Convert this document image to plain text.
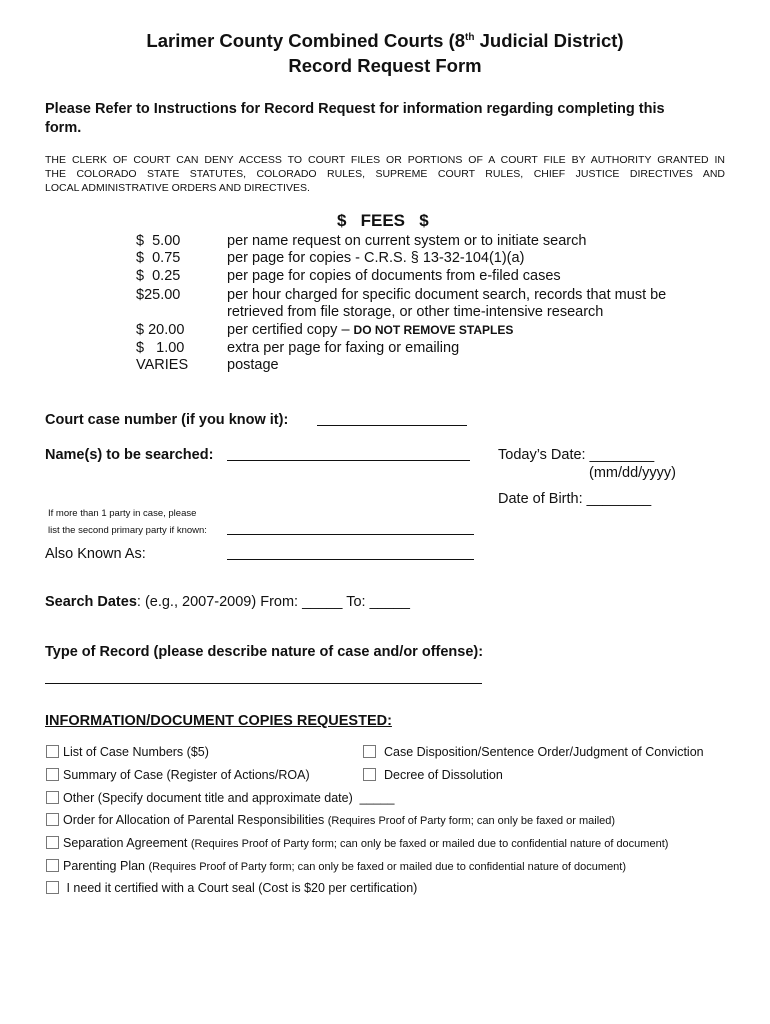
Larimer County Combined Courts (8th Judicial District)
Record Request Form
Please Refer to Instructions for Record Request for information regarding completing this
form.
THE CLERK OF COURT CAN DENY ACCESS TO COURT FILES OR PORTIONS OF A COURT FILE BY AUTHORITY GRANTED IN
THE COLORADO STATE STATUTES, COLORADO RULES, SUPREME COURT RULES, CHIEF JUSTICE DIRECTIVES AND
LOCAL ADMINISTRATIVE ORDERS AND DIRECTIVES.
$   FEES   $
$  5.00	per name request on current system or to initiate search
$  0.75	per page for copies - C.R.S. § 13-32-104(1)(a)
$  0.25	per page for copies of documents from e-filed cases
$25.00	per hour charged for specific document search, records that must be
retrieved from file storage, or other time-intensive research
$ 20.00	per certified copy – DO NOT REMOVE STAPLES
$   1.00	extra per page for faxing or emailing
VARIES	postage
Court case number (if you know it):
Name(s) to be searched:	Today’s Date: ________
(mm/dd/yyyy)
Date of Birth: ________
If more than 1 party in case, please
list the second primary party if known:
Also Known As:
Search Dates: (e.g., 2007-2009) From: _____ To: _____
Type of Record (please describe nature of case and/or offense):
INFORMATION/DOCUMENT COPIES REQUESTED:
List of Case Numbers ($5)	Case Disposition/Sentence Order/Judgment of Conviction
Summary of Case (Register of Actions/ROA)	Decree of Dissolution
Other (Specify document title and approximate date)  _____
Order for Allocation of Parental Responsibilities (Requires Proof of Party form; can only be faxed or mailed)
Separation Agreement (Requires Proof of Party form; can only be faxed or mailed due to confidential nature of document)
Parenting Plan (Requires Proof of Party form; can only be faxed or mailed due to confidential nature of document)
I need it certified with a Court seal (Cost is $20 per certification)
